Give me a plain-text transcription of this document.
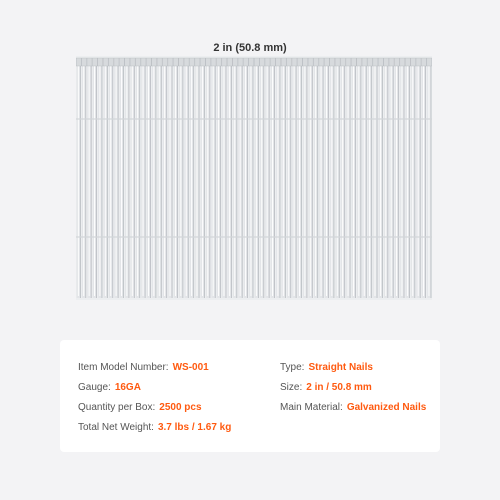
2 in (50.8 mm)
Item Model Number: WS-001	Type: Straight Nails
Gauge: 16GA	Size: 2 in / 50.8 mm
Quantity per Box: 2500 pcs	Main Material: Galvanized Nails
Total Net Weight: 3.7 lbs / 1.67 kg
